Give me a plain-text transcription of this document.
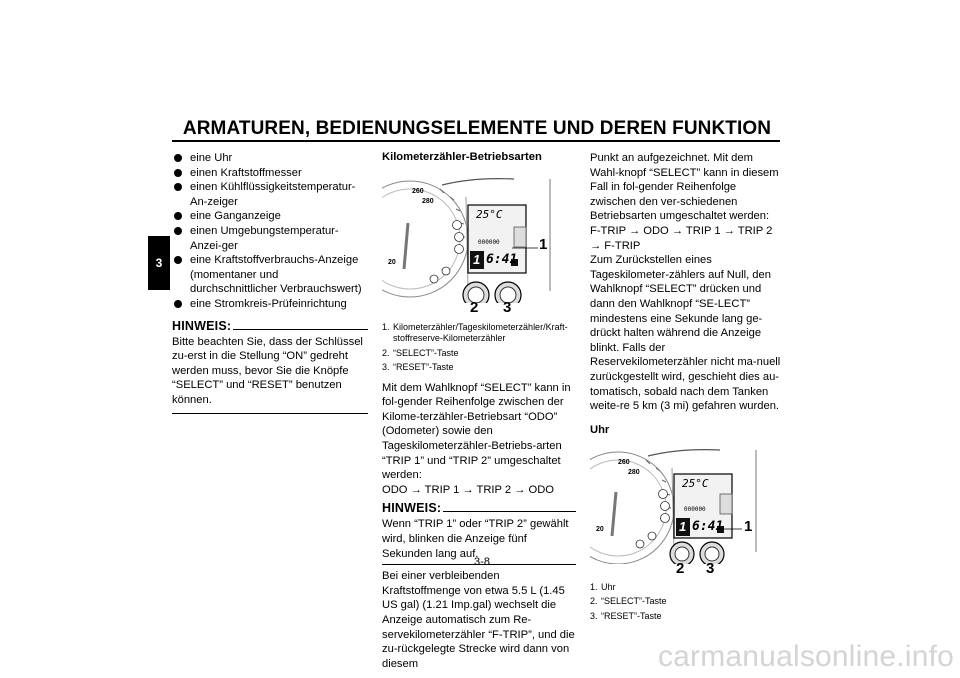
ARMATUREN, BEDIENUNGSELEMENTE UND DEREN FUNKTION
3
eine Uhr
einen Kraftstoffmesser
einen Kühlflüssigkeitstemperatur-An-zeiger
eine Ganganzeige
einen Umgebungstemperatur-Anzei-ger
eine Kraftstoffverbrauchs-Anzeige (momentaner und durchschnittlicher Verbrauchswert)
eine Stromkreis-Prüfeinrichtung
HINWEIS:
Bitte beachten Sie, dass der Schlüssel zu-erst in die Stellung “ON” gedreht werden muss, bevor Sie die Knöpfe “SELECT” und “RESET” benutzen können.
Kilometerzähler-Betriebsarten
260
280
20
25°C
000000
1 6:41
1
2 3
1. Kilometerzähler/Tageskilometerzähler/Kraft-stoffreserve-Kilometerzähler
2. “SELECT”-Taste
3. “RESET”-Taste
Mit dem Wahlknopf “SELECT” kann in fol-gender Reihenfolge zwischen der Kilome-terzähler-Betriebsart “ODO” (Odometer) sowie den Tageskilometerzähler-Betriebs-arten “TRIP 1” und “TRIP 2” umgeschaltet werden:
ODO → TRIP 1 → TRIP 2 → ODO
HINWEIS:
Wenn “TRIP 1” oder “TRIP 2” gewählt wird, blinken die Anzeige fünf Sekunden lang auf.
Bei einer verbleibenden Kraftstoffmenge von etwa 5.5 L (1.45 US gal) (1.21 Imp.gal) wechselt die Anzeige automatisch zum Re-servekilometerzähler “F-TRIP”, und die zu-rückgelegte Strecke wird dann von diesem
Punkt an aufgezeichnet. Mit dem Wahl-knopf “SELECT” kann in diesem Fall in fol-gender Reihenfolge zwischen den ver-schiedenen Betriebsarten umgeschaltet werden:
F-TRIP → ODO → TRIP 1 → TRIP 2 → F-TRIP
Zum Zurückstellen eines Tageskilometer-zählers auf Null, den Wahlknopf “SELECT” drücken und dann den Wahlknopf “SE-LECT” mindestens eine Sekunde lang ge-drückt halten während die Anzeige blinkt. Falls der Reservekilometerzähler nicht ma-nuell zurückgestellt wird, geschieht dies au-tomatisch, sobald nach dem Tanken weite-re 5 km (3 mi) gefahren wurden.
Uhr
260
280
20
25°C
000000
1 6:41 1
2 3
1. Uhr
2. “SELECT”-Taste
3. “RESET”-Taste
3-8
carmanualsonline.info
